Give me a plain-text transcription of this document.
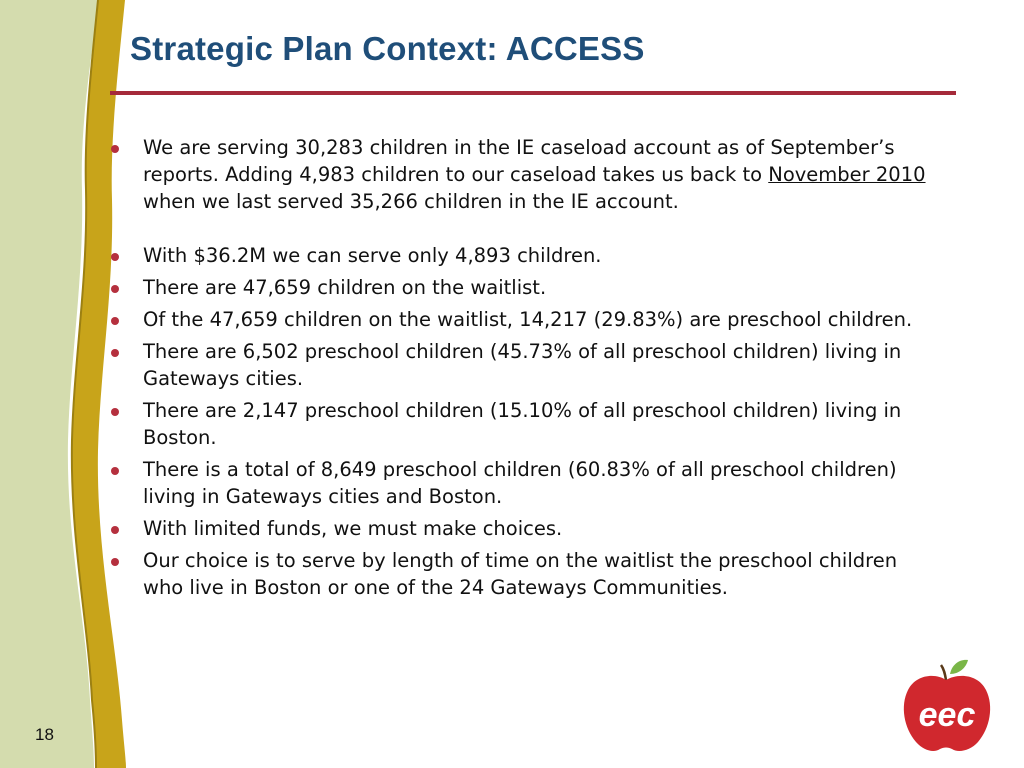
Strategic Plan Context: ACCESS
We are serving 30,283 children in the IE caseload account as of September’s reports. Adding 4,983 children to our caseload takes us back to November 2010 when we last served 35,266 children in the IE account.
With $36.2M we can serve only 4,893 children.
There are 47,659 children on the waitlist.
Of the 47,659 children on the waitlist, 14,217 (29.83%) are preschool children.
There are 6,502 preschool children (45.73% of all preschool children) living in Gateways cities.
There are 2,147 preschool children (15.10% of all preschool children) living in Boston.
There is a total of 8,649 preschool children (60.83% of all preschool children) living in Gateways cities and Boston.
With limited funds, we must make choices.
Our choice is to serve by length of time on the waitlist the preschool children who live in Boston or one of the 24 Gateways Communities.
18
eec
